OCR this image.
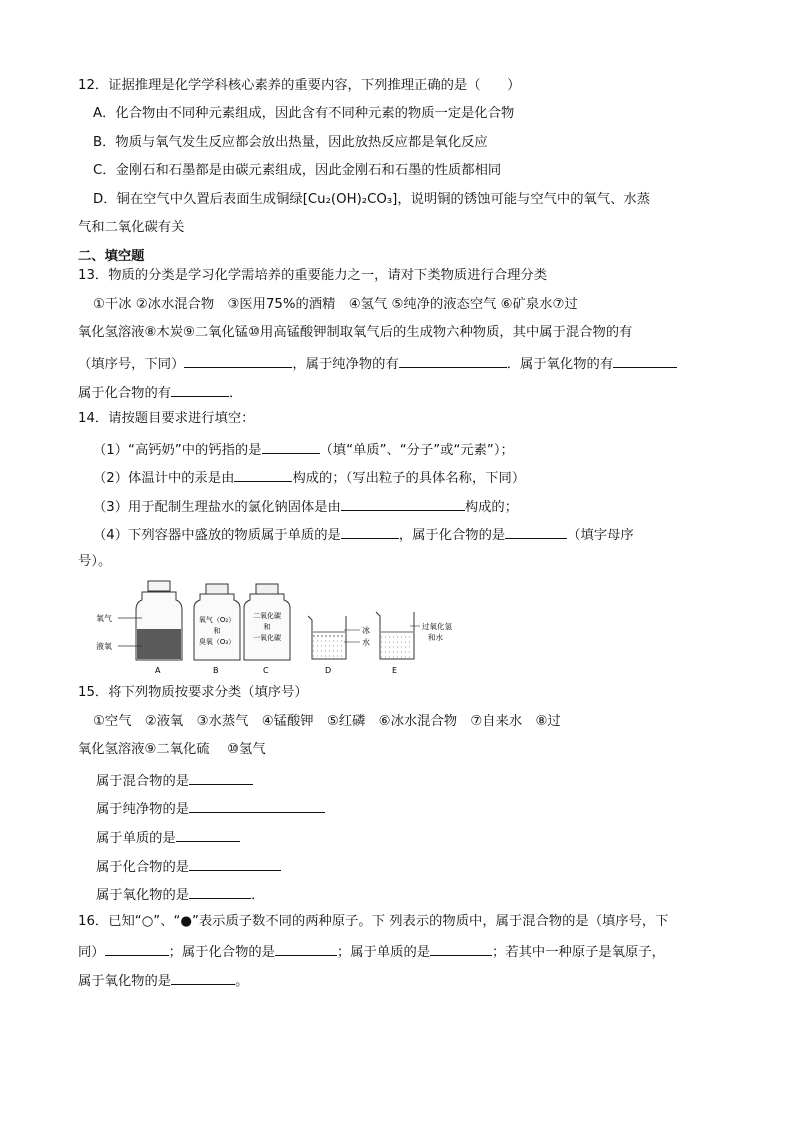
12．证据推理是化学学科核心素养的重要内容，下列推理正确的是（　　）
A．化合物由不同种元素组成，因此含有不同种元素的物质一定是化合物
B．物质与氧气发生反应都会放出热量，因此放热反应都是氧化反应
C．金刚石和石墨都是由碳元素组成，因此金刚石和石墨的性质都相同
D．铜在空气中久置后表面生成铜绿[Cu₂(OH)₂CO₃]，说明铜的锈蚀可能与空气中的氧气、水蒸
气和二氧化碳有关
二、填空题
13．物质的分类是学习化学需培养的重要能力之一，请对下类物质进行合理分类
①干冰 ②冰水混合物　③医用75%的酒精　④氢气 ⑤纯净的液态空气 ⑥矿泉水⑦过
氧化氢溶液⑧木炭⑨二氧化锰⑩用高锰酸钾制取氧气后的生成物六种物质，其中属于混合物的有
（填序号，下同）	，属于纯净物的有	．属于氧化物的有
属于化合物的有	．
14．请按题目要求进行填空：
（1）“高钙奶”中的钙指的是	（填“单质”、“分子”或“元素”）；
（2）体温计中的汞是由	构成的；（写出粒子的具体名称，下同）
（3）用于配制生理盐水的氯化钠固体是由	构成的；
（4）下列容器中盛放的物质属于单质的是	，属于化合物的是	（填字母序
号）。
氧气
液氧
A
氧气（O₂）
和
臭氧（O₃）
B
二氧化碳
和
一氧化碳
C
冰
水
D
过氧化氢
和水
E
15．将下列物质按要求分类（填序号）
①空气　②液氧　③水蒸气　④锰酸钾　⑤红磷　⑥冰水混合物　⑦自来水　⑧过
氧化氢溶液⑨二氧化硫　 ⑩氢气
属于混合物的是
属于纯净物的是
属于单质的是
属于化合物的是
属于氧化物的是	．
16．已知“○”、“●”表示质子数不同的两种原子。下 列表示的物质中，属于混合物的是（填序号，下
同）	；属于化合物的是	；属于单质的是	；若其中一种原子是氧原子，
属于氧化物的是	。
